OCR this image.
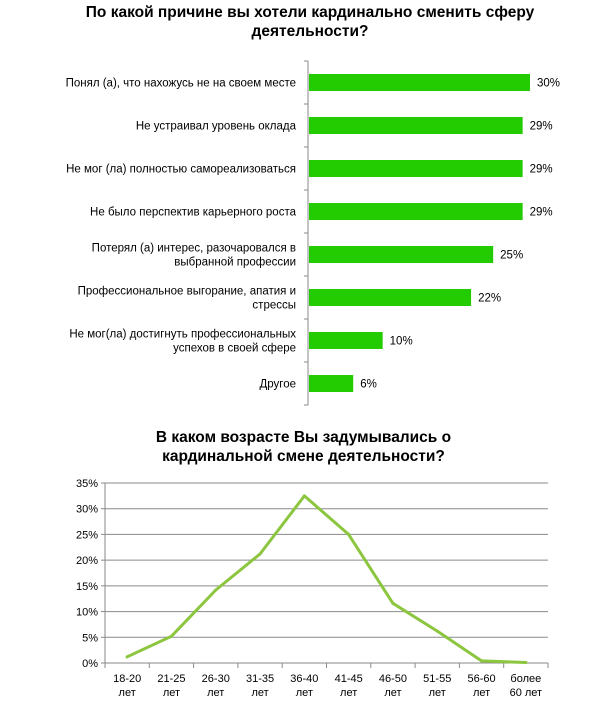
По какой причине вы хотели кардинально сменить сферу
деятельности?
В каком возрасте Вы задумывались о
кардинальной смене деятельности?
30%
Понял (а), что нахожусь не на своем месте
29%
Не устраивал уровень оклада
29%
Не мог (ла) полностью самореализоваться
29%
Не было перспектив карьерного роста
25%
Потерял (а) интерес, разочаровался в
выбранной профессии
22%
Профессиональное выгорание, апатия и
стрессы
10%
Не мог(ла) достигнуть профессиональных
успехов в своей сфере
6%
Другое
0%
5%
10%
15%
20%
25%
30%
35%
18-20
лет
21-25
лет
26-30
лет
31-35
лет
36-40
лет
41-45
лет
46-50
лет
51-55
лет
56-60
лет
более
60 лет
